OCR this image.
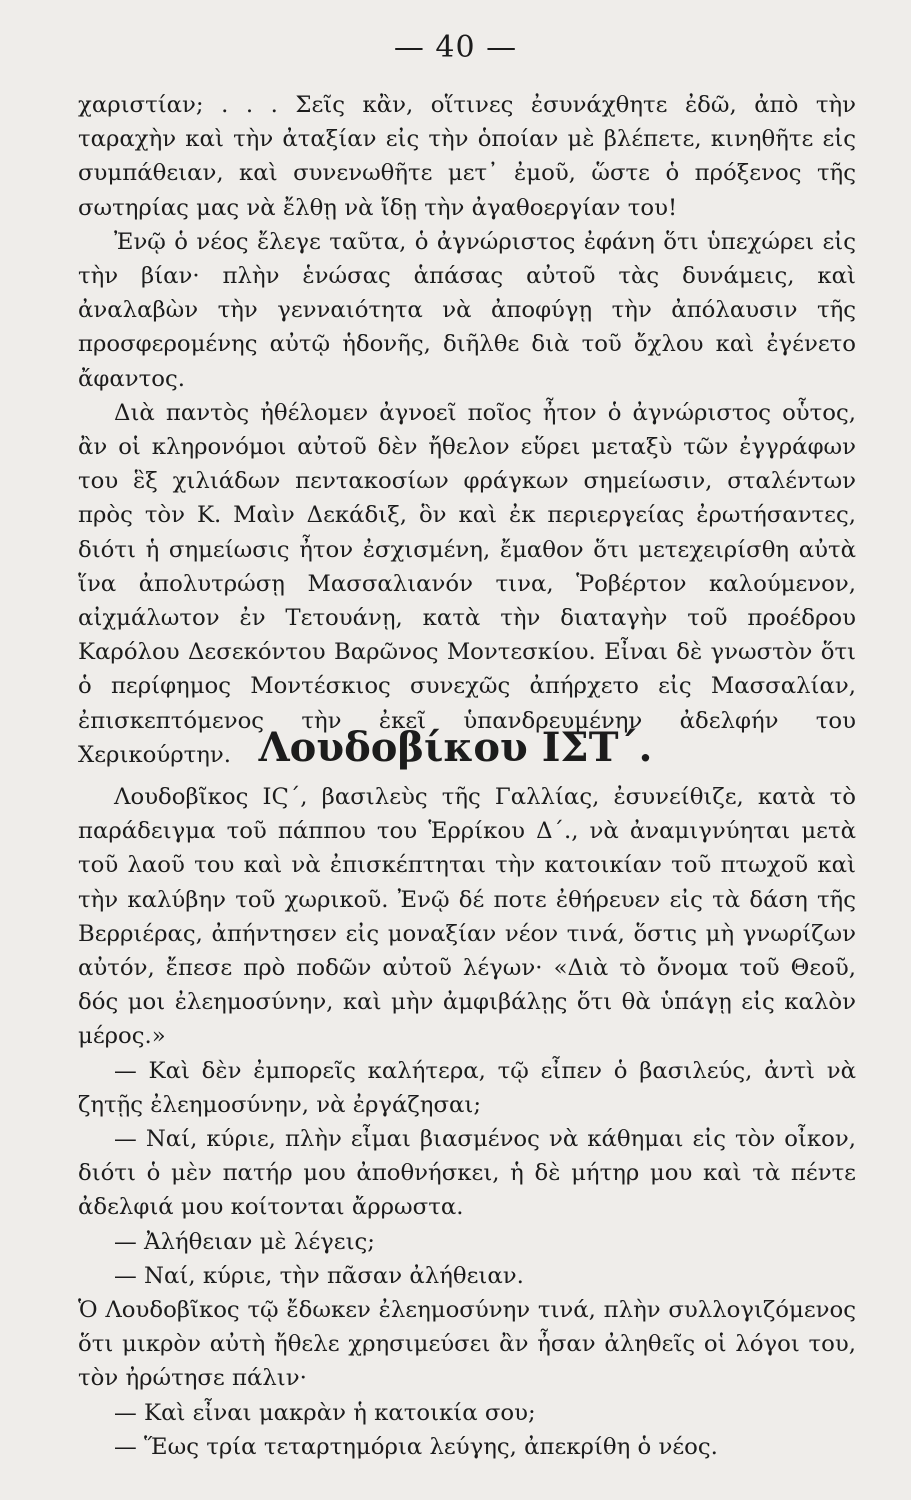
— 40 —

χαριστίαν; . . . Σεῖς κἂν, οἵτινες ἐσυνάχθητε ἐδῶ, ἀπὸ τὴν ταραχὴν καὶ τὴν ἀταξίαν εἰς τὴν ὁποίαν μὲ βλέπετε, κινηθῆτε εἰς συμπάθειαν, καὶ συνενωθῆτε μετ᾽ ἐμοῦ, ὥστε ὁ πρόξενος τῆς σωτηρίας μας νὰ ἔλθῃ νὰ ἴδῃ τὴν ἀγαθοεργίαν του!

Ἐνῷ ὁ νέος ἔλεγε ταῦτα, ὁ ἀγνώριστος ἐφάνη ὅτι ὑπεχώρει εἰς τὴν βίαν· πλὴν ἑνώσας ἁπάσας αὐτοῦ τὰς δυνάμεις, καὶ ἀναλαβὼν τὴν γενναιότητα νὰ ἀποφύγῃ τὴν ἀπόλαυσιν τῆς προσφερομένης αὐτῷ ἡδονῆς, διῆλθε διὰ τοῦ ὄχλου καὶ ἐγένετο ἄφαντος.

Διὰ παντὸς ἠθέλομεν ἀγνοεῖ ποῖος ἦτον ὁ ἀγνώριστος οὗτος, ἂν οἱ κληρονόμοι αὐτοῦ δὲν ἤθελον εὕρει μεταξὺ τῶν ἐγγράφων του ἓξ χιλιάδων πεντακοσίων φράγκων σημείωσιν, σταλέντων πρὸς τὸν Κ. Μαὶν Δεκάδιξ, ὃν καὶ ἐκ περιεργείας ἐρωτήσαντες, διότι ἡ σημείωσις ἦτον ἐσχισμένη, ἔμαθον ὅτι μετεχειρίσθη αὐτὰ ἵνα ἀπολυτρώσῃ Μασσαλιανόν τινα, Ῥοβέρτον καλούμενον, αἰχμάλωτον ἐν Τετουάνῃ, κατὰ τὴν διαταγὴν τοῦ προέδρου Καρόλου Δεσεκόντου Βαρῶνος Μοντεσκίου. Εἶναι δὲ γνωστὸν ὅτι ὁ περίφημος Μοντέσκιος συνεχῶς ἀπήρχετο εἰς Μασσαλίαν, ἐπισκεπτόμενος τὴν ἐκεῖ ὑπανδρευμένην ἀδελφήν του Χερικούρτην. Λουδοβίκου ΙΣΤ΄.

Λουδοβῖκος ΙϚ΄, βασιλεὺς τῆς Γαλλίας, ἐσυνείθιζε, κατὰ τὸ παράδειγμα τοῦ πάππου του Ἑρρίκου Δ΄., νὰ ἀναμιγνύηται μετὰ τοῦ λαοῦ του καὶ νὰ ἐπισκέπτηται τὴν κατοικίαν τοῦ πτωχοῦ καὶ τὴν καλύβην τοῦ χωρικοῦ. Ἐνῷ δέ ποτε ἐθήρευεν εἰς τὰ δάση τῆς Βερριέρας, ἀπήντησεν εἰς μοναξίαν νέον τινά, ὅστις μὴ γνωρίζων αὐτόν, ἔπεσε πρὸ ποδῶν αὐτοῦ λέγων· «Διὰ τὸ ὄνομα τοῦ Θεοῦ, δός μοι ἐλεημοσύνην, καὶ μὴν ἀμφιβάλῃς ὅτι θὰ ὑπάγῃ εἰς καλὸν μέρος.»

— Καὶ δὲν ἐμπορεῖς καλήτερα, τῷ εἶπεν ὁ βασιλεύς, ἀντὶ νὰ ζητῇς ἐλεημοσύνην, νὰ ἐργάζησαι;

— Ναί, κύριε, πλὴν εἶμαι βιασμένος νὰ κάθημαι εἰς τὸν οἶκον, διότι ὁ μὲν πατήρ μου ἀποθνήσκει, ἡ δὲ μήτηρ μου καὶ τὰ πέντε ἀδελφιά μου κοίτονται ἄρρωστα.

— Ἀλήθειαν μὲ λέγεις;

— Ναί, κύριε, τὴν πᾶσαν ἀλήθειαν.

Ὁ Λουδοβῖκος τῷ ἔδωκεν ἐλεημοσύνην τινά, πλὴν συλλογιζόμενος ὅτι μικρὸν αὐτὴ ἤθελε χρησιμεύσει ἂν ἦσαν ἀληθεῖς οἱ λόγοι του, τὸν ἠρώτησε πάλιν·

— Καὶ εἶναι μακρὰν ἡ κατοικία σου;

— Ἕως τρία τεταρτημόρια λεύγης, ἀπεκρίθη ὁ νέος.
